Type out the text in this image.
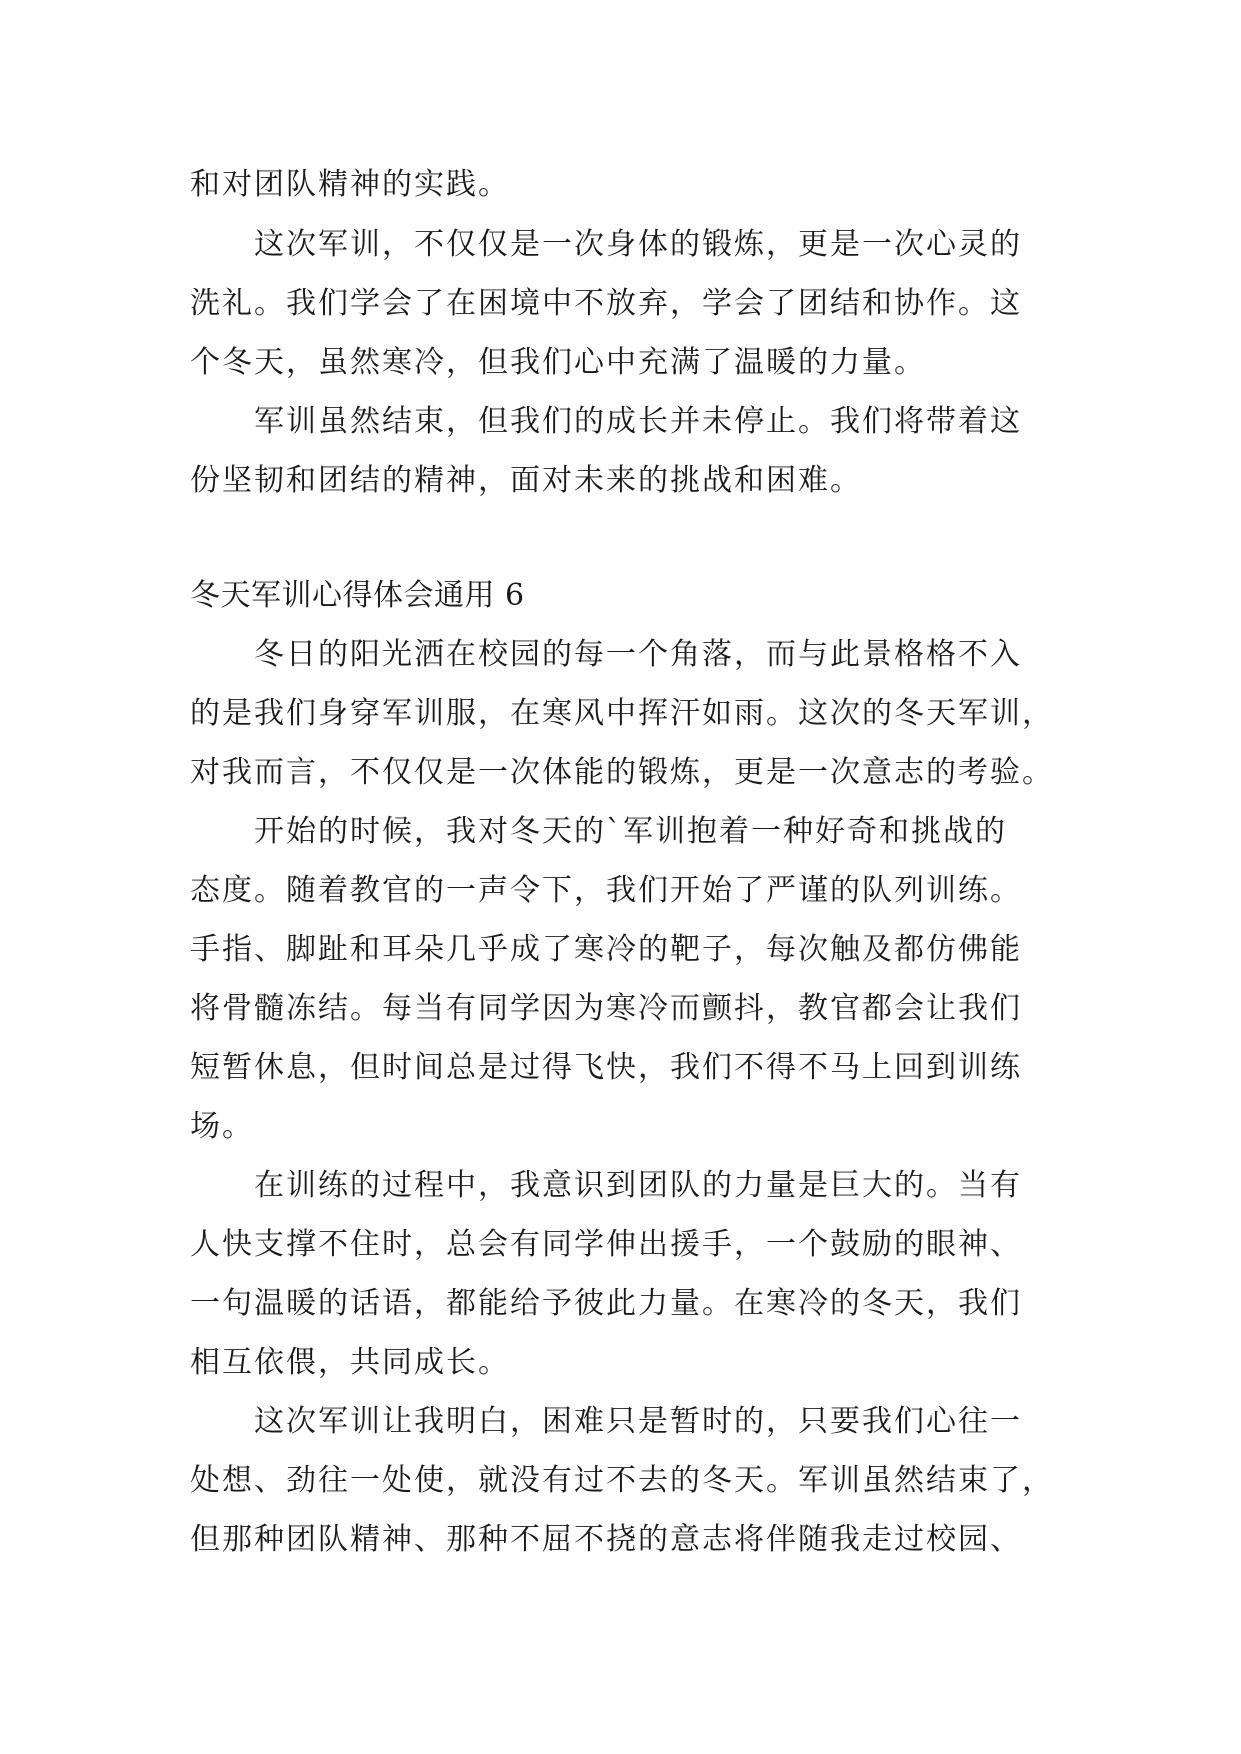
和对团队精神的实践。
这次军训，不仅仅是一次身体的锻炼，更是一次心灵的
洗礼。我们学会了在困境中不放弃，学会了团结和协作。这
个冬天，虽然寒冷，但我们心中充满了温暖的力量。
军训虽然结束，但我们的成长并未停止。我们将带着这
份坚韧和团结的精神，面对未来的挑战和困难。
冬天军训心得体会通用 6
冬日的阳光洒在校园的每一个角落，而与此景格格不入
的是我们身穿军训服，在寒风中挥汗如雨。这次的冬天军训，
对我而言，不仅仅是一次体能的锻炼，更是一次意志的考验。
开始的时候，我对冬天的`军训抱着一种好奇和挑战的
态度。随着教官的一声令下，我们开始了严谨的队列训练。
手指、脚趾和耳朵几乎成了寒冷的靶子，每次触及都仿佛能
将骨髓冻结。每当有同学因为寒冷而颤抖，教官都会让我们
短暂休息，但时间总是过得飞快，我们不得不马上回到训练
场。
在训练的过程中，我意识到团队的力量是巨大的。当有
人快支撑不住时，总会有同学伸出援手，一个鼓励的眼神、
一句温暖的话语，都能给予彼此力量。在寒冷的冬天，我们
相互依偎，共同成长。
这次军训让我明白，困难只是暂时的，只要我们心往一
处想、劲往一处使，就没有过不去的冬天。军训虽然结束了，
但那种团队精神、那种不屈不挠的意志将伴随我走过校园、
